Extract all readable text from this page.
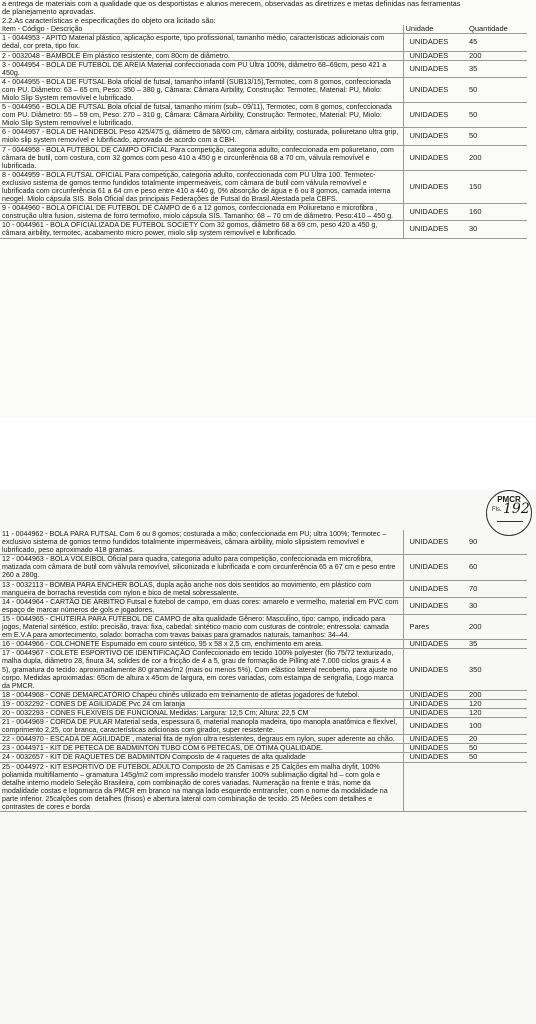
a entrega de materiais com a qualidade que os desportistas e alunos merecem, observadas as diretrizes e metas definidas nas ferramentas
de planejamento aprovadas.
2.2.As características e especificações do objeto ora licitado são:
Item - Código - Descrição	Unidade	Quantidade
1 - 0044953 - APITO Material plástico, aplicação esporte, tipo profissional, tamanho médio, características adicionais com dedal, cor preta, tipo fox.	UNIDADES	45
2 - 0032048 - BAMBOLÊ Em plástico resistente, com 80cm de diâmetro.	UNIDADES	200
3 - 0044954 - BOLA DE FUTEBOL DE AREIA Material confeccionada com PU Ultra 100%, diâmetro 68–69cm, peso 421 a 450g.	UNIDADES	35
4 - 0044955 - BOLA DE FUTSAL Bola oficial de futsal, tamanho infantil (SUB13/15),Termotec, com 8 gomos, confeccionada com PU. Diâmetro: 63 – 65 cm, Peso: 350 – 380 g, Câmara: Câmara Airbility, Construção: Termotec, Material: PU, Miolo: Miolo Slip System removível e lubrificado.	UNIDADES	50
5 - 0044956 - BOLA DE FUTSAL Bola oficial de futsal, tamanho mirim (sub– 09/11), Termotec, com 8 gomos, confeccionada com PU. Diâmetro: 55 – 59 cm, Peso: 270 – 310 g, Câmara: Câmara Airbility, Construção: Termotec, Material: PU, Miolo: Miolo Slip System removível e lubrificado.	UNIDADES	50
6 - 0044957 - BOLA DE HANDEBOL Peso 425/475 g, diâmetro de 58/60 cm, câmara airbility, costurada, poliuretano ultra grip, miolo slip system removível e lubrificado, aprovada de acordo com a CBH.	UNIDADES	50
7 - 0044958 - BOLA FUTEBOL DE CAMPO OFICIAL Para competição, categoria adulto, confeccionada em poliuretano, com câmara de butil, com costura, com 32 gomos com peso 410 a 450 g e circunferência 68 a 70 cm, válvula removível e lubrificada.	UNIDADES	200
8 - 0044959 - BOLA FUTSAL OFICIAL Para competição, categoria adulto, confeccionada com PU Ultra 100. Termotec- exclusivo sistema de gomos termo fundidos totalmente impermeáveis, com câmara de butil com válvula removível e lubrificada com circunferência 61 a 64 cm e peso entre 410 a 440 g, 0% absorção de água e 6 ou 8 gomos, camada interna neogel. Miolo cápsula SIS. Bola Oficial das principais Federações de Futsal do Brasil.Atestada pela CBFS.	UNIDADES	150
9 - 0044960 - BOLA OFICIAL DE FUTEBOL DE CAMPO de 6 a 12 gomos, confeccionada em Poliuretano e microfibra , construção ultra fusion, sistema de forro termofixo, miolo cápsula SIS. Tamanho: 68 – 70 cm de diâmetro. Peso:410 – 450 g.	UNIDADES	160
10 - 0044961 - BOLA OFICIALIZADA DE FUTEBOL SOCIETY Com 32 gomos, diâmetro 68 a 69 cm, peso 420 a 450 g, câmara airbility, termotec, acabamento micro power, miolo slip system removível e lubrificado.	UNIDADES	30
11 - 0044962 - BOLA PARA FUTSAL Com 6 ou 8 gomos; costurada a mão; confeccionada em PU; ultra 100%; Termotec – exclusivo sistema de gomos termo fundidos totalmente impermeáveis, câmara airbility, miolo slipsistem removível e lubrificado, peso aproximado 418 gramas.	UNIDADES	90
12 - 0044963 - BOLA VOLEIBOL Oficial para quadra, categoria adulto para competição, confeccionada em microfibra, matizada com câmara de butil com válvula removível, siliconizada e lubrificada e com circunferência 65 a 67 cm e peso entre 260 a 280g.	UNIDADES	60
13 - 0032113 - BOMBA PARA ENCHER BOLAS, dupla ação anche nos dois sentidos ao movimento, em plástico com mangueira de borracha revestida com nylon e bico de metal sobressalente.	UNIDADES	70
14 - 0044964 - CARTÃO DE ÁRBITRO Futsal e futebol de campo, em duas cores: amarelo e vermelho, material em PVC com espaço de marcar números de gols e jogadores.	UNIDADES	30
15 - 0044965 - CHUTEIRA PARA FUTEBOL DE CAMPO de alta qualidade Gênero: Masculino, tipo: campo, indicado para jogos, Material sintético, estilo: precisão, trava: fixa, cabedal: sintético macio com custuras de controle; entressola: camada em E.V.A para amortecimento, solado: borracha com travas baixas para gramados naturais, tamanhos: 34–44.	Pares	200
16 - 0044966 - COLCHONETE Espumado em couro sintético, 95 x 58 x 2,5 cm, enchimento em areia.	UNIDADES	35
17 - 0044967 - COLETE ESPORTIVO DE IDENTIFICAÇÃO Confeccionado em tecido 100% polyester (fio 75/72 texturizado, malha dupla, diâmetro 28, finura 34, solides de cor a fricção de 4 a 5, grau de formação de Pilling até 7.000 ciclos graus 4 a 5), gramatura do tecido: aproximadamente 80 gramas/m2 (mais ou menos 5%). Com elástico lateral recoberto, para ajuste no corpo. Medidas aproximadas: 65cm de altura x 45cm de largura, em cores variadas, com estampa de serigrafia, Logo marca da PMCR.	UNIDADES	350
18 - 0044968 - CONE DEMARCATÓRIO Chapéu chinês utilizado em treinamento de atletas jogadores de futebol.	UNIDADES	200
19 - 0032292 - CONES DE AGILIDADE Pvc 24 cm laranja	UNIDADES	120
20 - 0032293 - CONES FLEXIVEIS DE FUNCIONAL Medidas: Largura: 12,5 Cm; Altura: 22,5 CM	UNIDADES	120
21 - 0044969 - CORDA DE PULAR Material seda, espessura 6, material manopla madeira, tipo manopla anatômica e flexível, comprimento 2,25, cor branca, características adicionais com girador, super resistente.	UNIDADES	100
22 - 0044970 - ESCADA DE AGILIDADE , material fita de nylon ultra resistentes, degraus em nylon, super aderente ao chão.	UNIDADES	20
23 - 0044971 - KIT DE PETECA DE BADMINTON TUBO COM 6 PETECAS, DE ÓTIMA QUALIDADE.	UNIDADES	50
24 - 0032657 - KIT DE RAQUETES DE BADMINTON Composto de 4 raquetes de alta qualidade	UNIDADES	50
25 - 0044972 - KIT ESPORTIVO DE FUTEBOL ADULTO Composto de 25 Camisas e 25 Calções em malha dryfit, 100% poliamida multifilamento – gramatura 145g/m2 com impressão modelo transfer 100% sublimação digital hd – com gola e detalhe interno modelo Seleção Brasileira, com combinação de cores variadas. Numeração na frente e trás, nome da modalidade costas e logomarca da PMCR em branco na manga lado esquerdo emtransfer, com o nome da modalidade na parte inferior. 25calções com detalhes (frisos) e abertura lateral com combinação de tecido. 25 Meões com detalhes e contrastes de cores e borda		
PMCR
Fls. 192
